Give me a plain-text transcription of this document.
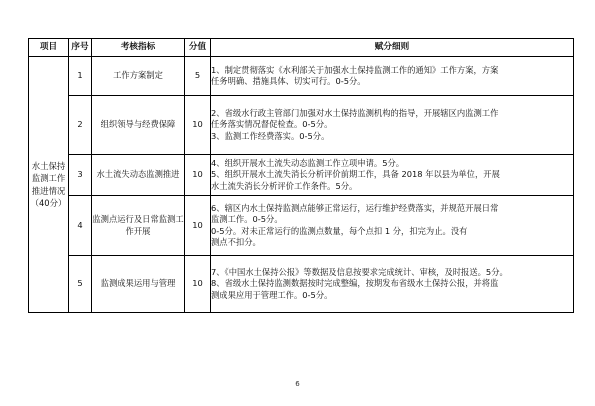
项目	序号	考核指标	分值	赋分细则
水土保持监测工作推进情况（40分）	1	工作方案制定	5	1、制定贯彻落实《水利部关于加强水土保持监测工作的通知》工作方案，方案
任务明确、措施具体、切实可行。0-5分。

	2	组织领导与经费保障	10	2、省级水行政主管部门加强对水土保持监测机构的指导，开展辖区内监测工作
任务落实情况督促检查。0-5分。
3、监测工作经费落实。0-5分。

	3	水土流失动态监测推进	10	4、组织开展水土流失动态监测工作立项申请。5分。
5、组织开展水土流失消长分析评价前期工作，具备 2018 年以县为单位，开展
水土流失消长分析评价工作条件。5分。

	4	监测点运行及日常监测工作开展	10	6、辖区内水土保持监测点能够正常运行，运行维护经费落实，并规范开展日常
监测工作。0-5分。
0-5分。对未正常运行的监测点数量，每个点扣 1 分，扣完为止。没有
测点不扣分。

	5	监测成果运用与管理	10	7、《中国水土保持公报》等数据及信息按要求完成统计、审核，及时报送。5分。
8、省级水土保持监测数据按时完成整编，按期发布省级水土保持公报，并将监
测成果应用于管理工作。0-5分。
6
